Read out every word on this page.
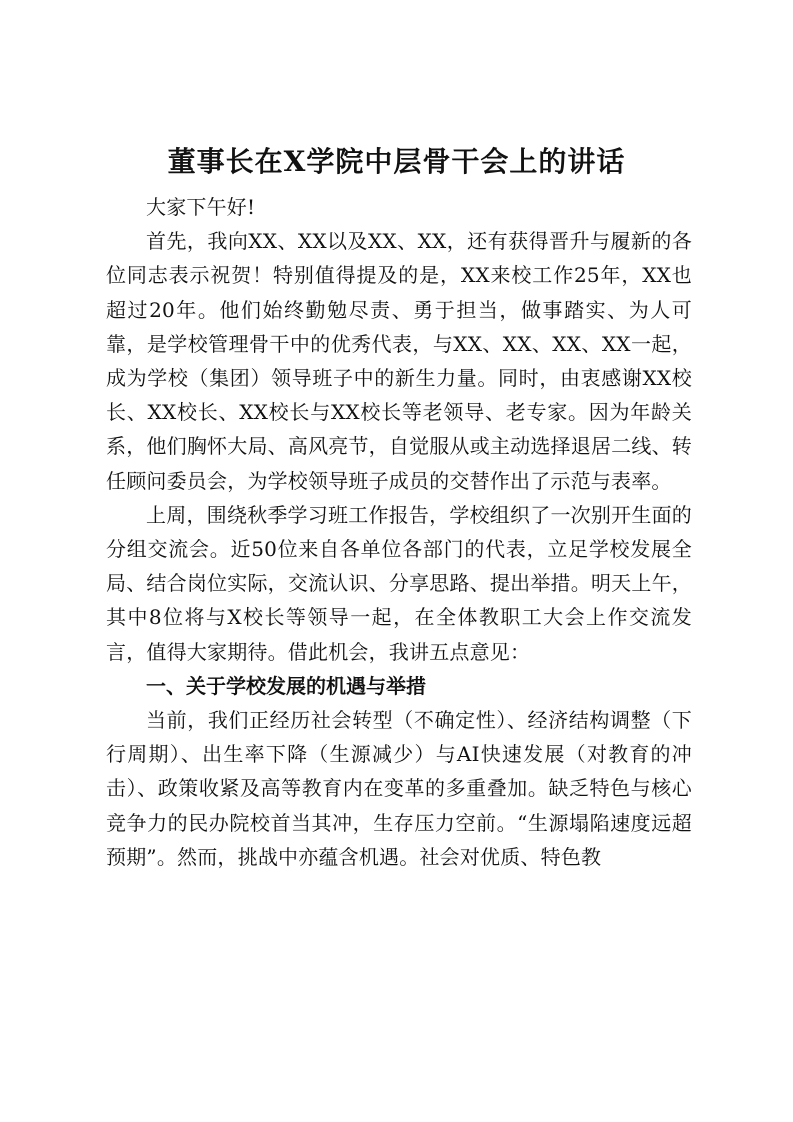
董事长在X学院中层骨干会上的讲话

大家下午好!

首先，我向XX、XX以及XX、XX，还有获得晋升与履新的各位同志表示祝贺！特别值得提及的是，XX来校工作25年，XX也超过20年。他们始终勤勉尽责、勇于担当，做事踏实、为人可靠，是学校管理骨干中的优秀代表，与XX、XX、XX、XX一起，成为学校（集团）领导班子中的新生力量。同时，由衷感谢XX校长、XX校长、XX校长与XX校长等老领导、老专家。因为年龄关系，他们胸怀大局、高风亮节，自觉服从或主动选择退居二线、转任顾问委员会，为学校领导班子成员的交替作出了示范与表率。

上周，围绕秋季学习班工作报告，学校组织了一次别开生面的分组交流会。近50位来自各单位各部门的代表，立足学校发展全局、结合岗位实际，交流认识、分享思路、提出举措。明天上午，其中8位将与X校长等领导一起，在全体教职工大会上作交流发言，值得大家期待。借此机会，我讲五点意见：

一、关于学校发展的机遇与举措

当前，我们正经历社会转型（不确定性）、经济结构调整（下行周期）、出生率下降（生源减少）与AI快速发展（对教育的冲击）、政策收紧及高等教育内在变革的多重叠加。缺乏特色与核心竞争力的民办院校首当其冲，生存压力空前。“生源塌陷速度远超预期”。然而，挑战中亦蕴含机遇。社会对优质、特色教
